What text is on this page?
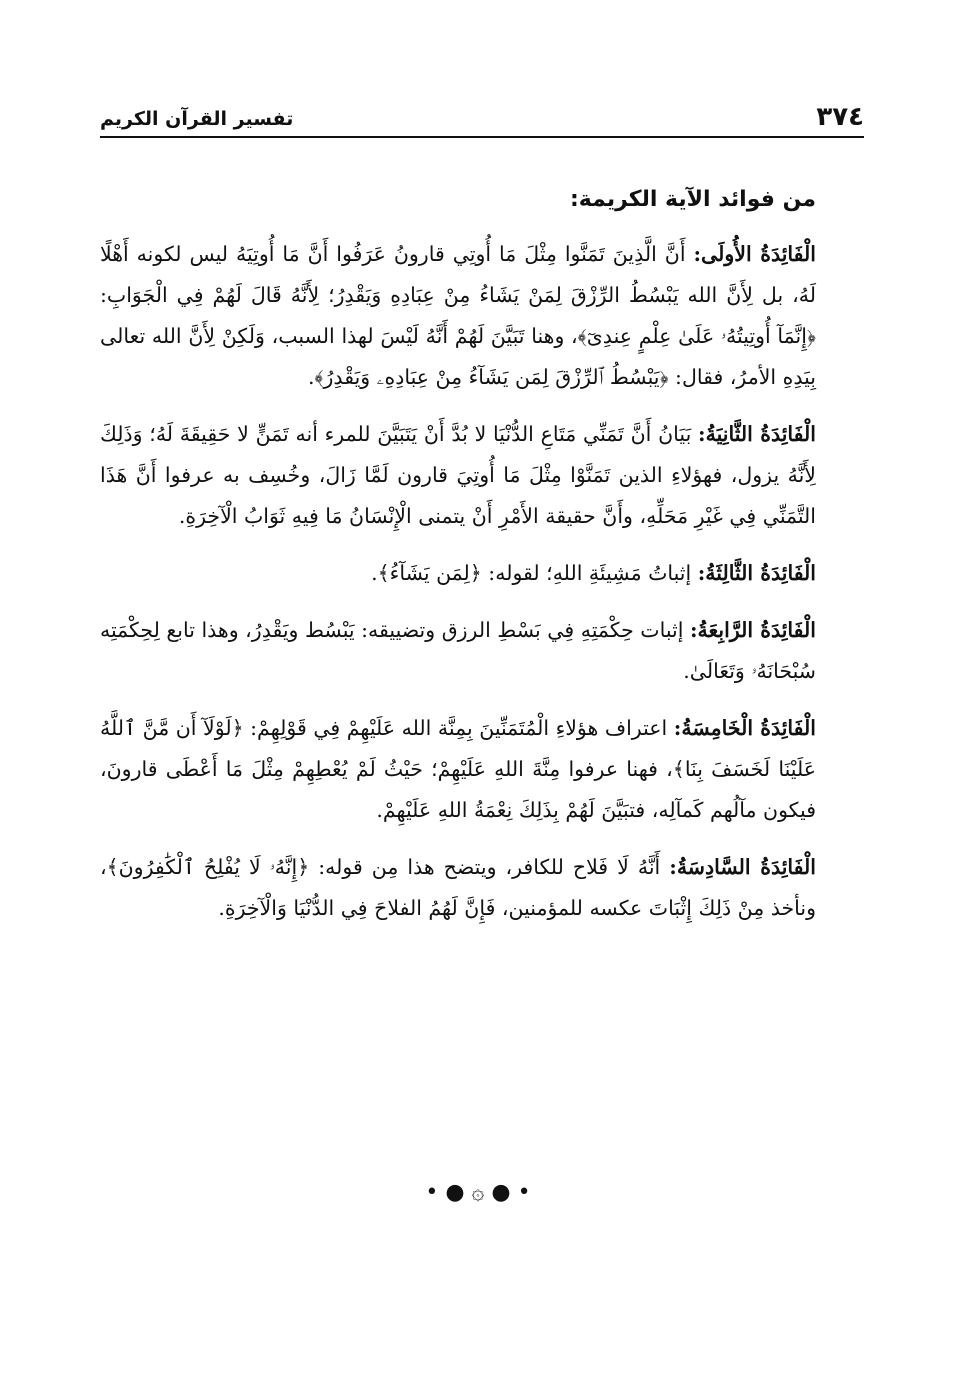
٣٧٤
تفسير القرآن الكريم
من فوائد الآية الكريمة:

الْفَائِدَةُ الأُولَى: أَنَّ الَّذِينَ تَمَنَّوا مِثْلَ مَا أُوتِي قارونُ عَرَفُوا أَنَّ مَا أُوتِيَهُ ليس لكونه أَهْلًا لَهُ، بل لِأَنَّ الله يَبْسُطُ الرِّزْقَ لِمَنْ يَشَاءُ مِنْ عِبَادِهِ وَيَقْدِرُ؛ لِأَنَّهُ قَالَ لَهُمْ فِي الْجَوَابِ: ﴿إِنَّمَآ أُوتِيتُهُۥ عَلَىٰ عِلْمٍ عِندِىٓ﴾، وهنا تَبَيَّنَ لَهُمْ أَنَّهُ لَيْسَ لهذا السبب، وَلَكِنْ لِأَنَّ الله تعالى بِيَدِهِ الأمرُ، فقال: ﴿يَبْسُطُ ٱلرِّزْقَ لِمَن يَشَآءُ مِنْ عِبَادِهِۦ وَيَقْدِرُ﴾.

الْفَائِدَةُ الثَّانِيَةُ: بَيَانُ أَنَّ تَمَنِّي مَتَاعِ الدُّنْيَا لا بُدَّ أَنْ يَتَبَيَّنَ للمرء أنه تَمَنٍّ لا حَقِيقَةَ لَهُ؛ وَذَلِكَ لِأَنَّهُ يزول، فهؤلاءِ الذين تَمَنَّوْا مِثْلَ مَا أُوتِيَ قارون لَمَّا زَالَ، وخُسِف به عرفوا أَنَّ هَذَا التَّمَنِّي فِي غَيْرِ مَحَلِّهِ، وأَنَّ حقيقة الأَمْرِ أَنْ يتمنى الْإِنْسَانُ مَا فِيهِ ثَوَابُ الْآخِرَةِ.

الْفَائِدَةُ الثَّالِثَةُ: إثباتُ مَشِيئَةِ اللهِ؛ لقوله: ﴿لِمَن يَشَآءُ﴾.

الْفَائِدَةُ الرَّابِعَةُ: إثبات حِكْمَتِهِ فِي بَسْطِ الرزق وتضييقه: يَبْسُط ويَقْدِرُ، وهذا تابع لِحِكْمَتِه سُبْحَانَهُۥ وَتَعَالَىٰ.

الْفَائِدَةُ الْخَامِسَةُ: اعتراف هؤلاءِ الْمُتَمَنِّينَ بِمِنَّة الله عَلَيْهِمْ فِي قَوْلِهِمْ: ﴿لَوْلَآ أَن مَّنَّ ٱللَّهُ عَلَيْنَا لَخَسَفَ بِنَا﴾، فهنا عرفوا مِنَّةَ اللهِ عَلَيْهِمْ؛ حَيْثُ لَمْ يُعْطِهِمْ مِثْلَ مَا أَعْطَى قارونَ، فيكون مآلُهم كَمآلِه، فتبَيَّنَ لَهُمْ بِذَلِكَ نِعْمَةُ اللهِ عَلَيْهِمْ.

الْفَائِدَةُ السَّادِسَةُ: أَنَّهُ لَا فَلاح للكافر، ويتضح هذا مِن قوله: ﴿إِنَّهُۥ لَا يُفْلِحُ ٱلْكَٰفِرُونَ﴾، ونأخذ مِنْ ذَلِكَ إِثْبَاتَ عكسه للمؤمنين، فَإِنَّ لَهُمُ الفلاحَ فِي الدُّنْيَا وَالْآخِرَةِ.

• ● ۞ ● •
